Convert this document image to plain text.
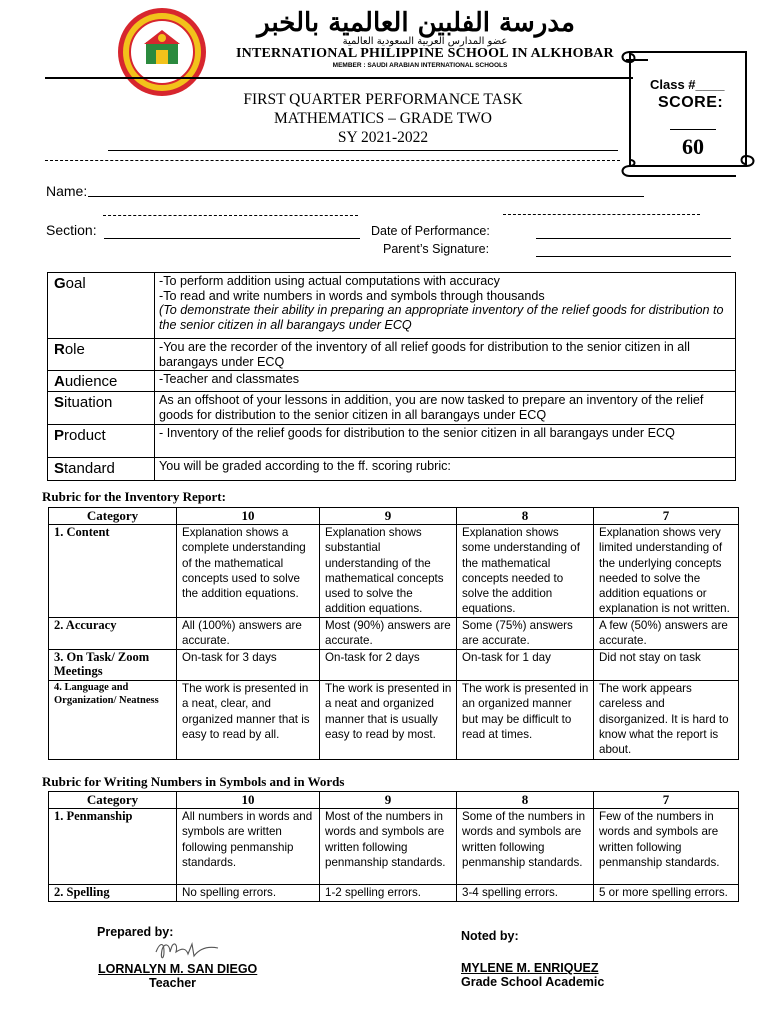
مدرسة الفلبين العالمية بالخبر
عضو المدارس العربية السعودية العالمية
INTERNATIONAL PHILIPPINE SCHOOL IN ALKHOBAR
MEMBER : SAUDI ARABIAN INTERNATIONAL SCHOOLS
FIRST QUARTER PERFORMANCE TASK
MATHEMATICS – GRADE TWO
SY 2021-2022
Class #____
SCORE:
60
Name:
Section:	Date of Performance:
Parent’s Signature:
Goal	-To perform addition using actual computations with accuracy
-To read and write numbers in words and symbols through thousands
(To demonstrate their ability in preparing an appropriate inventory of the relief goods for distribution to the senior citizen in all barangays under ECQ

Role	-You are the recorder of the inventory of all relief goods for distribution to the senior citizen in all barangays under ECQ

Audience	-Teacher and classmates

Situation	As an offshoot of your lessons in addition, you are now tasked to prepare an inventory of the relief goods for distribution to the senior citizen in all barangays under ECQ

Product	- Inventory of the relief goods for distribution to the senior citizen in all barangays under ECQ

Standard	You will be graded according to the ff. scoring rubric:
Rubric for the Inventory Report:
Category	10	9	8	7
1. Content	Explanation shows a complete understanding of the mathematical concepts used to solve the addition equations.	Explanation shows substantial understanding of the mathematical concepts used to solve the addition equations.	Explanation shows some understanding of the mathematical concepts needed to solve the addition equations.	Explanation shows very limited understanding of the underlying concepts needed to solve the addition equations or explanation is not written.
2. Accuracy	All (100%) answers are accurate.	Most (90%) answers are accurate.	Some (75%) answers are accurate.	A few (50%) answers are accurate.
3. On Task/ Zoom Meetings	On-task for 3 days	On-task for 2 days	On-task for 1 day	Did not stay on task
4. Language and Organization/ Neatness	The work is presented in a neat, clear, and organized manner that is easy to read by all.	The work is presented in a neat and organized manner that is usually easy to read by most.	The work is presented in an organized manner but may be difficult to read at times.	The work appears careless and disorganized. It is hard to know what the report is about.
Rubric for Writing Numbers in Symbols and in Words
Category	10	9	8	7
1. Penmanship	All numbers in words and symbols are written following penmanship standards.	Most of the numbers in words and symbols are written following penmanship standards.	Some of the numbers in words and symbols are written following penmanship standards.	Few of the numbers in words and symbols are written following penmanship standards.
2. Spelling	No spelling errors.	1-2 spelling errors.	3-4 spelling errors.	5 or more spelling errors.
Prepared by:
LORNALYN M. SAN DIEGO
Teacher
Noted by:
MYLENE M. ENRIQUEZ
Grade School Academic
